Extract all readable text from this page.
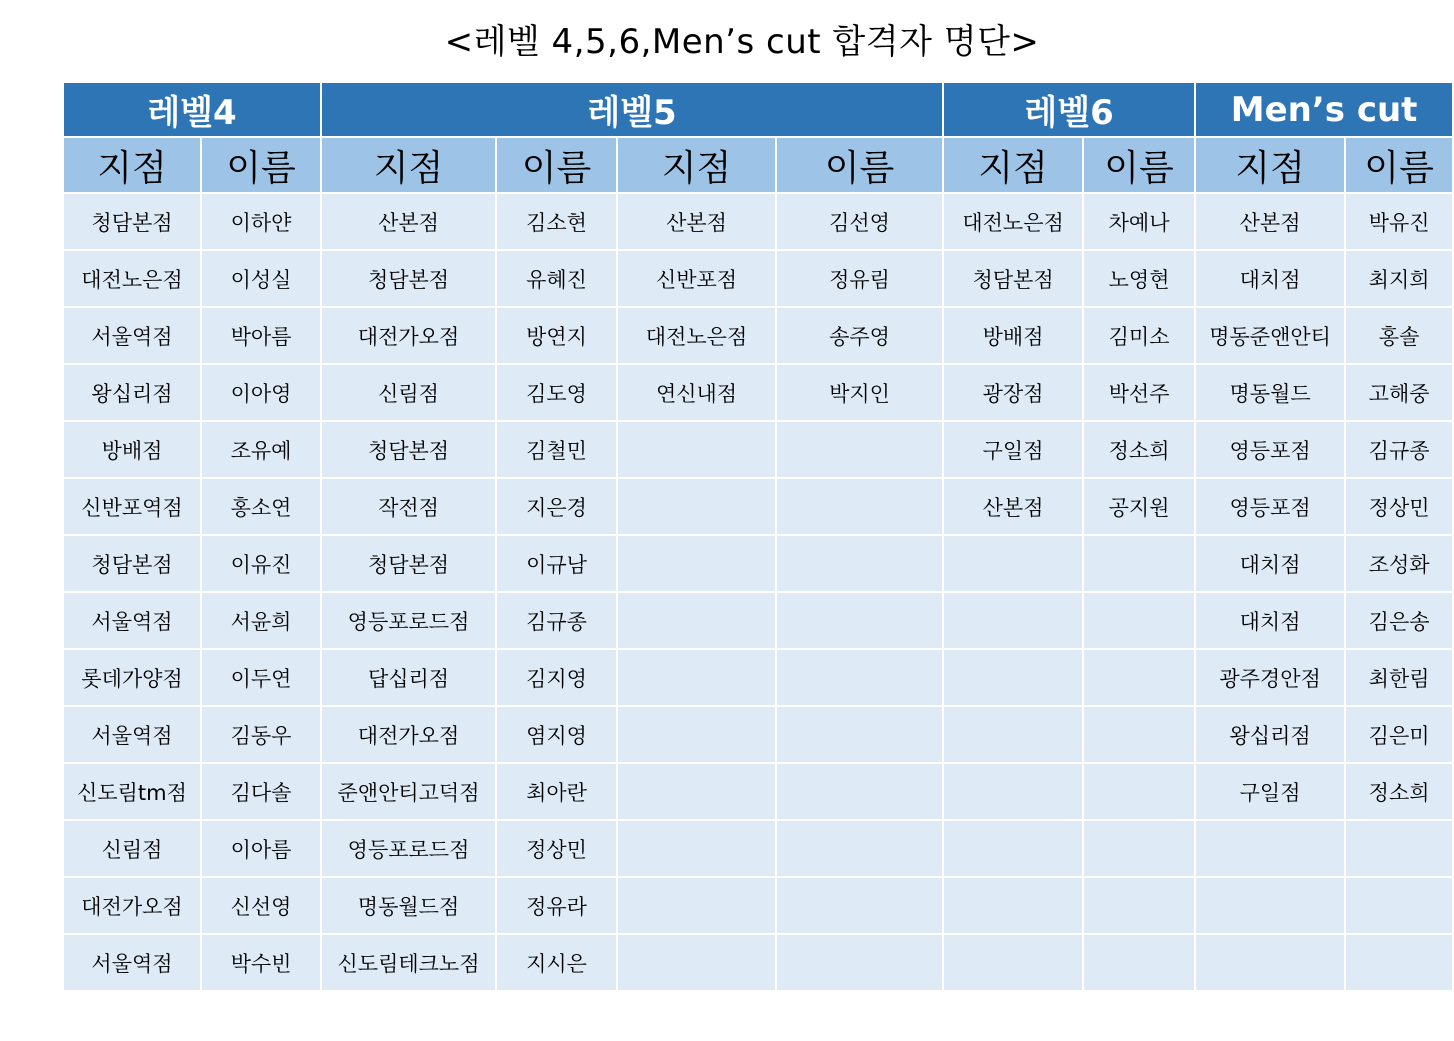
<레벨 4,5,6,Men’s cut 합격자 명단>
레벨4		레벨5				레벨6		Men’s cut	
지점	이름	지점	이름	지점	이름	지점	이름	지점	이름
청담본점	이하얀	산본점	김소현	산본점	김선영	대전노은점	차예나	산본점	박유진
대전노은점	이성실	청담본점	유혜진	신반포점	정유림	청담본점	노영현	대치점	최지희
서울역점	박아름	대전가오점	방연지	대전노은점	송주영	방배점	김미소	명동준앤안티	홍솔
왕십리점	이아영	신림점	김도영	연신내점	박지인	광장점	박선주	명동월드	고해중
방배점	조유예	청담본점	김철민			구일점	정소희	영등포점	김규종
신반포역점	홍소연	작전점	지은경			산본점	공지원	영등포점	정상민
청담본점	이유진	청담본점	이규남					대치점	조성화
서울역점	서윤희	영등포로드점	김규종					대치점	김은송
롯데가양점	이두연	답십리점	김지영					광주경안점	최한림
서울역점	김동우	대전가오점	염지영					왕십리점	김은미
신도림tm점	김다솔	준앤안티고덕점	최아란					구일점	정소희
신림점	이아름	영등포로드점	정상민						
대전가오점	신선영	명동월드점	정유라						
서울역점	박수빈	신도림테크노점	지시은						
